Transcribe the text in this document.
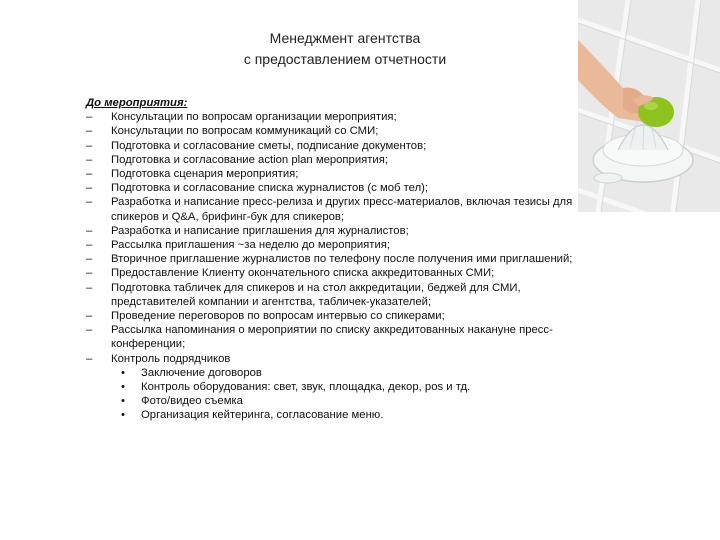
Менеджмент агентства
с предоставлением отчетности
До мероприятия:
– Консультации по вопросам организации мероприятия;
– Консультации по вопросам коммуникаций со СМИ;
– Подготовка и согласование сметы, подписание документов;
– Подготовка и согласование action plan мероприятия;
– Подготовка сценария мероприятия;
– Подготовка и согласование списка журналистов (с моб тел);
– Разработка и написание пресс-релиза и других пресс-материалов, включая тезисы для спикеров и Q&A, брифинг-бук для спикеров;
– Разработка и написание приглашения для журналистов;
– Рассылка приглашения ~за неделю до мероприятия;
– Вторичное приглашение журналистов по телефону после получения ими приглашений;
– Предоставление Клиенту окончательного списка аккредитованных СМИ;
– Подготовка табличек для спикеров и на стол аккредитации, беджей для СМИ, представителей компании и агентства, табличек-указателей;
– Проведение переговоров по вопросам интервью со спикерами;
– Рассылка напоминания о мероприятии по списку аккредитованных накануне пресс-конференции;
– Контроль подрядчиков
• Заключение договоров
• Контроль оборудования: свет, звук, площадка, декор, pos и тд.
• Фото/видео съемка
• Организация кейтеринга, согласование меню.
